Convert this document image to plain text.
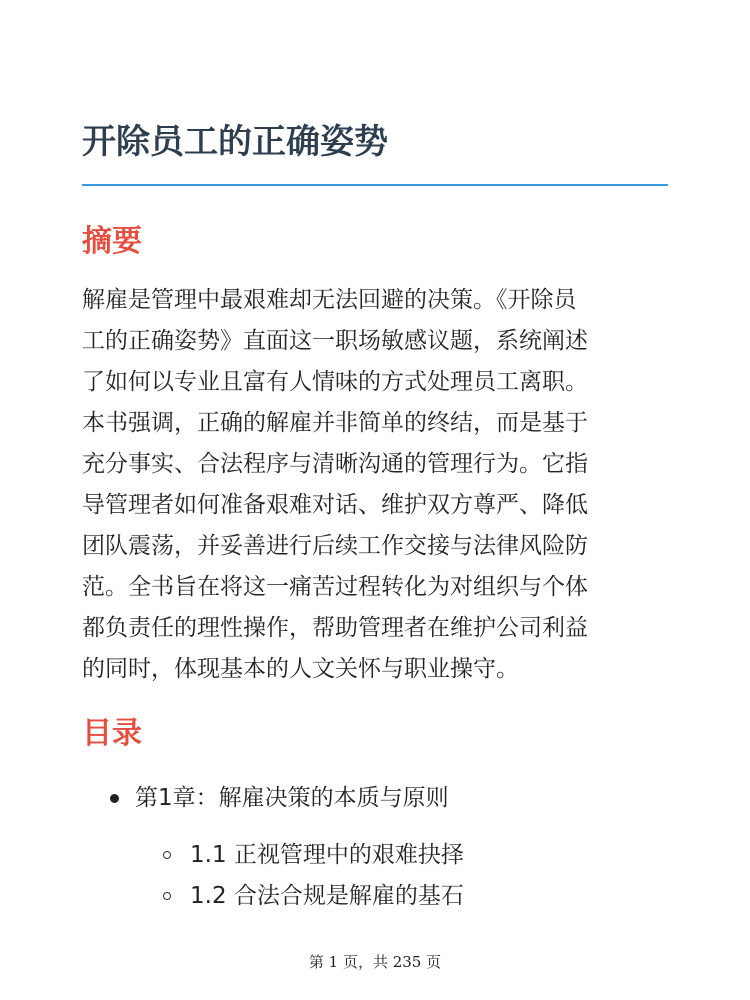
开除员工的正确姿势
摘要

解雇是管理中最艰难却无法回避的决策。《开除员
工的正确姿势》直面这一职场敏感议题，系统阐述
了如何以专业且富有人情味的方式处理员工离职。
本书强调，正确的解雇并非简单的终结，而是基于
充分事实、合法程序与清晰沟通的管理行为。它指
导管理者如何准备艰难对话、维护双方尊严、降低
团队震荡，并妥善进行后续工作交接与法律风险防
范。全书旨在将这一痛苦过程转化为对组织与个体
都负责任的理性操作，帮助管理者在维护公司利益
的同时，体现基本的人文关怀与职业操守。

目录
第1章：解雇决策的本质与原则
1.1 正视管理中的艰难抉择
1.2 合法合规是解雇的基石
第 1 页，共 235 页
